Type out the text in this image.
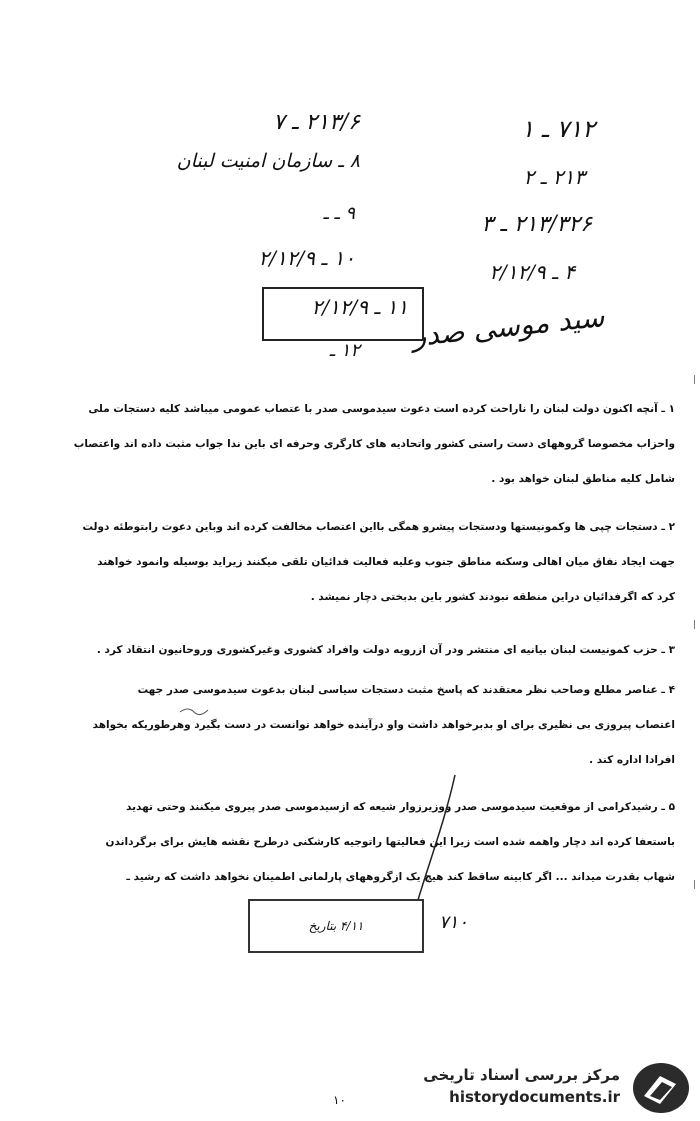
۷۱۲ ـ ۱
۲۱۳ ـ ۲
۲۱۳/۳۲۶ ـ ۳
۴ ـ ۲/۱۲/۹
سید موسی صدر
۲۱۳/۶ ـ ۷
۸ ـ سازمان امنیت لبنان
۹ ـ ـ
۱۰ ـ ۲/۱۲/۹
۱۱ ـ ۲/۱۲/۹
۱۲ ـ
۱ ـ آنچه اکنون دولت لبنان را ناراحت کرده است دعوت سیدموسی صدر با عتصاب عمومی میباشد کلیه دستجات ملی
واحزاب مخصوصا گروههای دست راستی کشور واتحادیه های کارگری وحرفه ای باین ندا جواب مثبت داده اند واعتصاب
شامل کلیه مناطق لبنان خواهد بود .
۲ ـ دستجات چپی ها وکمونیستها ودستجات پیشرو همگی بااین اعتصاب مخالفت کرده اند وباین دعوت رابتوطئه دولت
جهت ایجاد نفاق میان اهالی وسکنه مناطق جنوب وعلیه فعالیت فدائیان تلقی میکنند زیراید بوسیله وانمود خواهند
کرد که اگرفدائیان دراین منطقه نبودند کشور باین بدبختی دچار نمیشد .
۳ ـ حزب کمونیست لبنان بیانیه ای منتشر ودر آن ازرویه دولت وافراد کشوری وغیرکشوری وروحانیون انتقاد کرد .
۴ ـ عناصر مطلع وصاحب نظر معتقدند که پاسخ مثبت دستجات سیاسی لبنان بدعوت سیدموسی صدر جهت
اعتصاب پیروزی بی نظیری برای او بدبرخواهد داشت واو درآینده خواهد توانست در دست بگیرد وهرطوریکه بخواهد
افرادا اداره کند .
۵ ـ رشیدکرامی از موقعیت سیدموسی صدر ووزیرزوار شیعه که ازسیدموسی صدر پیروی میکنند وحتی تهدید
باستعفا کرده اند دچار واهمه شده است زیرا این فعالیتها راتوجیه کارشکنی درطرح نقشه هایش برای برگرداندن
شهاب بقدرت میداند ... اگر کابینه ساقط کند هیچ یک ازگروههای پارلمانی اطمینان نخواهد داشت که رشید ـ
۴/۱۱ بتاریخ	۷۱۰
|
|
|
مرکز بررسی اسناد تاریخی
historydocuments.ir
۱۰
